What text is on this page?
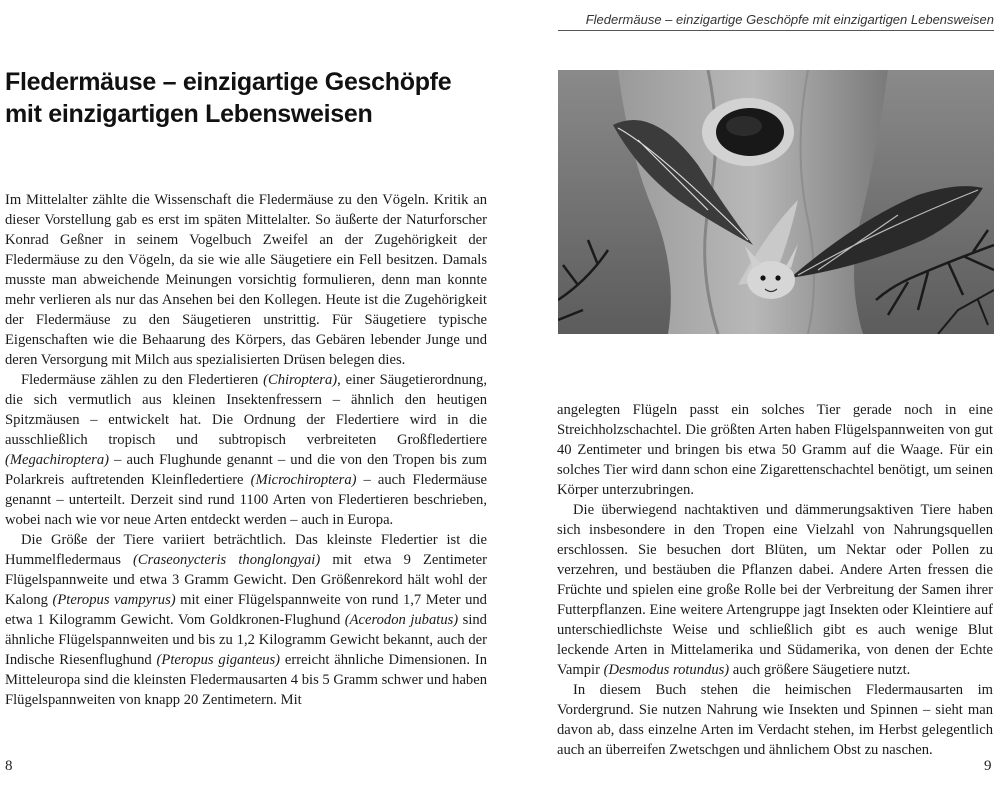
Fledermäuse – einzigartige Geschöpfe
mit einzigartigen Lebensweisen

Im Mittelalter zählte die Wissenschaft die Fledermäuse zu den Vögeln. Kritik an dieser Vorstellung gab es erst im späten Mittelalter. So äußerte der Naturforscher Konrad Geßner in seinem Vogelbuch Zweifel an der Zugehörigkeit der Fledermäuse zu den Vögeln, da sie wie alle Säugetiere ein Fell besitzen. Damals musste man abweichende Meinungen vorsichtig formulieren, denn man konnte mehr verlieren als nur das Ansehen bei den Kollegen. Heute ist die Zugehörigkeit der Fledermäuse zu den Säugetieren unstrittig. Für Säugetiere typische Eigenschaften wie die Behaarung des Körpers, das Gebären lebender Junge und deren Versorgung mit Milch aus spezialisierten Drüsen belegen dies.

Fledermäuse zählen zu den Fledertieren (Chiroptera), einer Säugetierordnung, die sich vermutlich aus kleinen Insektenfressern – ähnlich den heutigen Spitzmäusen – entwickelt hat. Die Ordnung der Fledertiere wird in die ausschließlich tropisch und subtropisch verbreiteten Großfledertiere (Megachiroptera) – auch Flughunde genannt – und die von den Tropen bis zum Polarkreis auftretenden Kleinfledertiere (Microchiroptera) – auch Fledermäuse genannt – unterteilt. Derzeit sind rund 1100 Arten von Fledertieren beschrieben, wobei nach wie vor neue Arten entdeckt werden – auch in Europa.

Die Größe der Tiere variiert beträchtlich. Das kleinste Fledertier ist die Hummelfledermaus (Craseonycteris thonglongyai) mit etwa 9 Zentimeter Flügelspannweite und etwa 3 Gramm Gewicht. Den Größenrekord hält wohl der Kalong (Pteropus vampyrus) mit einer Flügelspannweite von rund 1,7 Meter und etwa 1 Kilogramm Gewicht. Vom Goldkronen-Flughund (Acerodon jubatus) sind ähnliche Flügelspannweiten und bis zu 1,2 Kilogramm Gewicht bekannt, auch der Indische Riesenflughund (Pteropus giganteus) erreicht ähnliche Dimensionen. In Mitteleuropa sind die kleinsten Fledermausarten 4 bis 5 Gramm schwer und haben Flügelspannweiten von knapp 20 Zentimetern. Mit

8
Fledermäuse – einzigartige Geschöpfe mit einzigartigen Lebensweisen

angelegten Flügeln passt ein solches Tier gerade noch in eine Streichholzschachtel. Die größten Arten haben Flügelspannweiten von gut 40 Zentimeter und bringen bis etwa 50 Gramm auf die Waage. Für ein solches Tier wird dann schon eine Zigarettenschachtel benötigt, um seinen Körper unterzubringen.

Die überwiegend nachtaktiven und dämmerungsaktiven Tiere haben sich insbesondere in den Tropen eine Vielzahl von Nahrungsquellen erschlossen. Sie besuchen dort Blüten, um Nektar oder Pollen zu verzehren, und bestäuben die Pflanzen dabei. Andere Arten fressen die Früchte und spielen eine große Rolle bei der Verbreitung der Samen ihrer Futterpflanzen. Eine weitere Artengruppe jagt Insekten oder Kleintiere auf unterschiedlichste Weise und schließlich gibt es auch wenige Blut leckende Arten in Mittelamerika und Südamerika, von denen der Echte Vampir (Desmodus rotundus) auch größere Säugetiere nutzt.

In diesem Buch stehen die heimischen Fledermausarten im Vordergrund. Sie nutzen Nahrung wie Insekten und Spinnen – sieht man davon ab, dass einzelne Arten im Verdacht stehen, im Herbst gelegentlich auch an überreifen Zwetschgen und ähnlichem Obst zu naschen.

9
